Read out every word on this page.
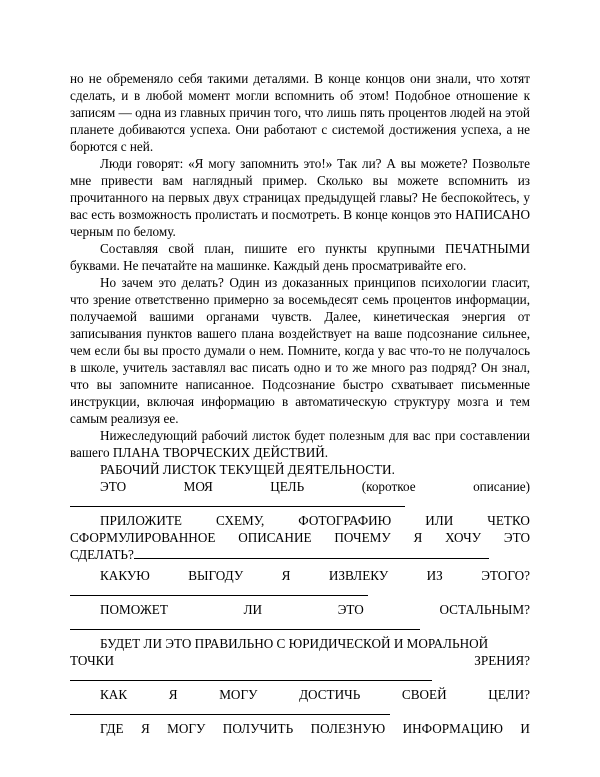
но не обременяло себя такими деталями. В конце концов они знали, что хотят сделать, и в любой момент могли вспомнить об этом! Подобное отношение к записям — одна из главных причин того, что лишь пять процентов людей на этой планете добиваются успеха. Они работают с системой достижения успеха, а не борются с ней.

Люди говорят: «Я могу запомнить это!» Так ли? А вы можете? Позвольте мне привести вам наглядный пример. Сколько вы можете вспомнить из прочитанного на первых двух страницах предыдущей главы? Не беспокойтесь, у вас есть возможность пролистать и посмотреть. В конце концов это НАПИСАНО черным по белому.

Составляя свой план, пишите его пункты крупными ПЕЧАТНЫМИ буквами. Не печатайте на машинке. Каждый день просматривайте его.

Но зачем это делать? Один из доказанных принципов психологии гласит, что зрение ответственно примерно за восемьдесят семь процентов информации, получаемой вашими органами чувств. Далее, кинетическая энергия от записывания пунктов вашего плана воздействует на ваше подсознание сильнее, чем если бы вы просто думали о нем. Помните, когда у вас что-то не получалось в школе, учитель заставлял вас писать одно и то же много раз подряд? Он знал, что вы запомните написанное. Подсознание быстро схватывает письменные инструкции, включая информацию в автоматическую структуру мозга и тем самым реализуя ее.

Нижеследующий рабочий листок будет полезным для вас при составлении вашего ПЛАНА ТВОРЧЕСКИХ ДЕЙСТВИЙ.

РАБОЧИЙ ЛИСТОК ТЕКУЩЕЙ ДЕЯТЕЛЬНОСТИ.

ЭТО	МОЯ	ЦЕЛЬ	(короткое	описание)
ПРИЛОЖИТЕ	СХЕМУ,	ФОТОГРАФИЮ	ИЛИ	ЧЕТКО
СФОРМУЛИРОВАННОЕ ОПИСАНИЕ ПОЧЕМУ Я ХОЧУ ЭТО
СДЕЛАТЬ?
КАКУЮ	ВЫГОДУ	Я	ИЗВЛЕКУ	ИЗ	ЭТОГО?
ПОМОЖЕТ	ЛИ	ЭТО	ОСТАЛЬНЫМ?
БУДЕТ ЛИ ЭТО ПРАВИЛЬНО С ЮРИДИЧЕСКОЙ И МОРАЛЬНОЙ
ТОЧКИ	ЗРЕНИЯ?
КАК	Я	МОГУ	ДОСТИЧЬ	СВОЕЙ	ЦЕЛИ?
ГДЕ Я МОГУ ПОЛУЧИТЬ ПОЛЕЗНУЮ ИНФОРМАЦИЮ И
